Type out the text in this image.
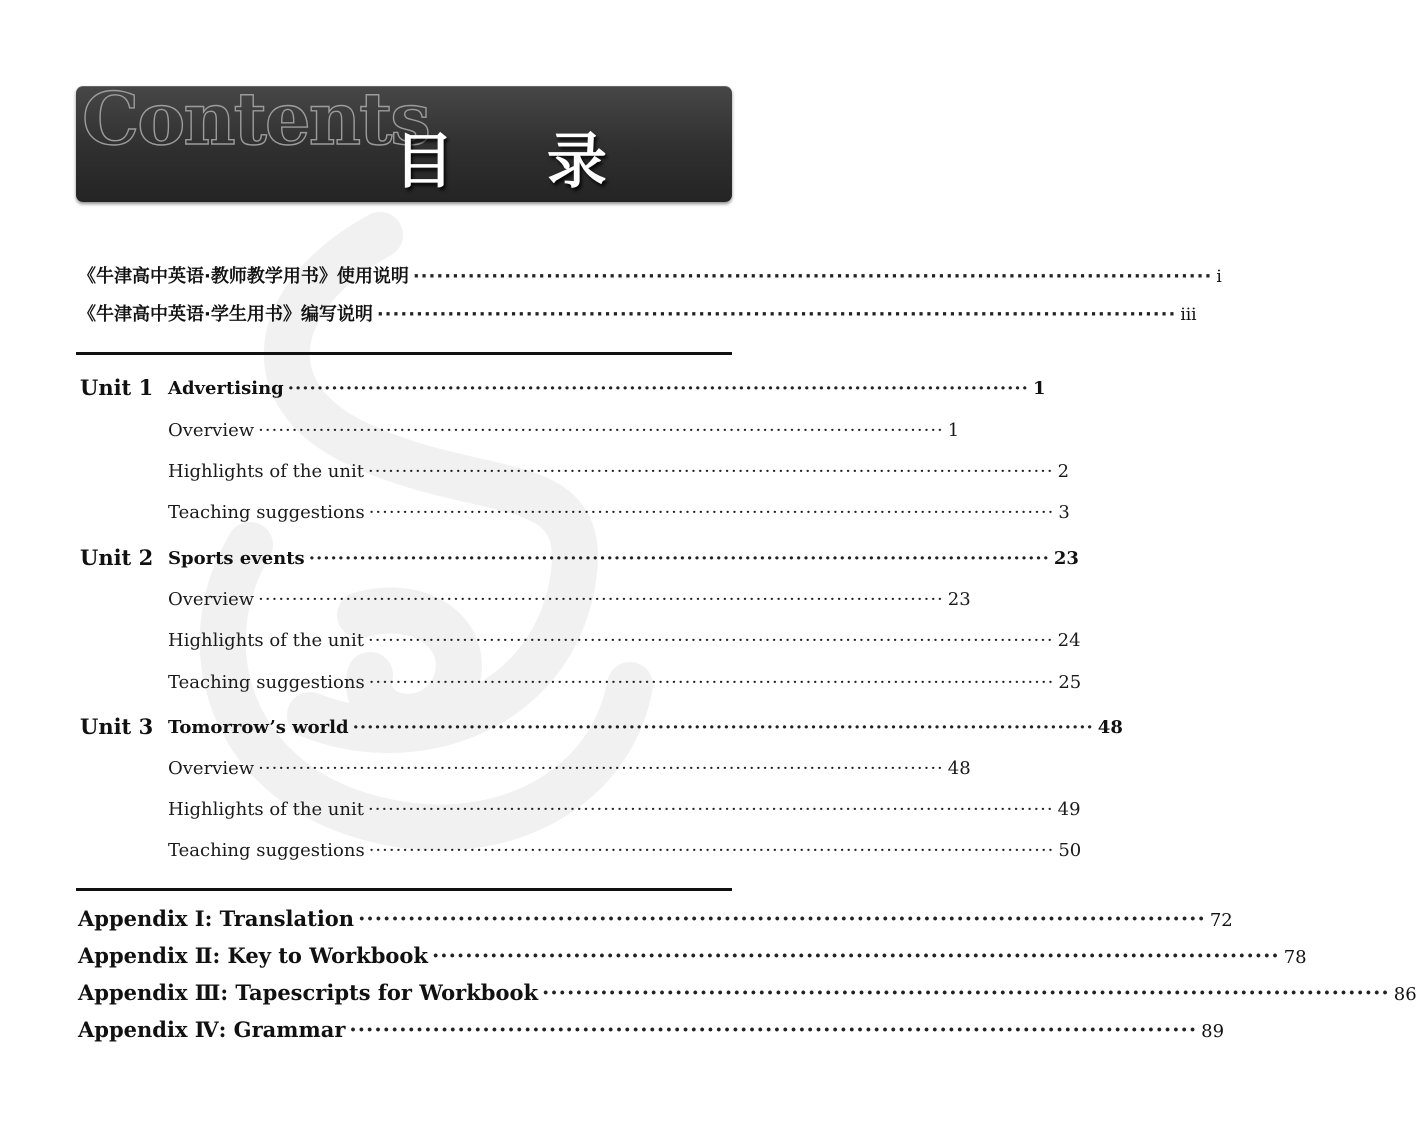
Contents
目 录
《牛津高中英语·教师教学用书》使用说明 ······································································································ i
《牛津高中英语·学生用书》编写说明 ······································································································ iii
Unit 1 Advertising ······································································································ 1
Overview ······································································································ 1
Highlights of the unit ······································································································ 2
Teaching suggestions ······································································································ 3
Unit 2 Sports events ······································································································ 23
Overview ······································································································ 23
Highlights of the unit ······································································································ 24
Teaching suggestions ······································································································ 25
Unit 3 Tomorrow’s world ······································································································ 48
Overview ······································································································ 48
Highlights of the unit ······································································································ 49
Teaching suggestions ······································································································ 50
Appendix I: Translation ······································································································ 72
Appendix Ⅱ: Key to Workbook ······································································································ 78
Appendix Ⅲ: Tapescripts for Workbook ······································································································ 86
Appendix Ⅳ: Grammar ······································································································ 89
